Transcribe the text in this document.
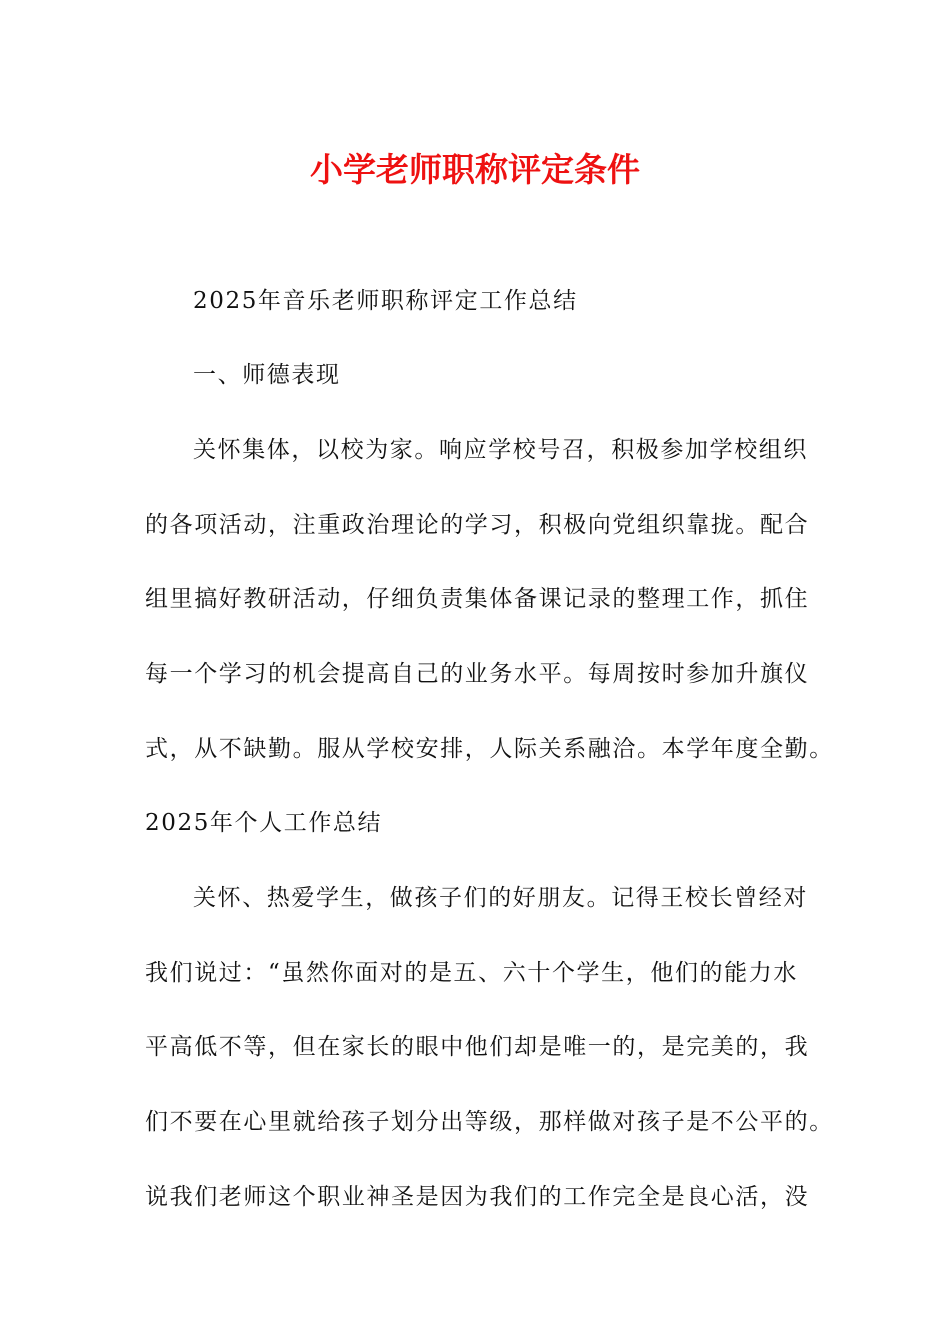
小学老师职称评定条件
2025年音乐老师职称评定工作总结
一、师德表现
关怀集体，以校为家。响应学校号召，积极参加学校组织
的各项活动，注重政治理论的学习，积极向党组织靠拢。配合
组里搞好教研活动，仔细负责集体备课记录的整理工作，抓住
每一个学习的机会提高自己的业务水平。每周按时参加升旗仪
式，从不缺勤。服从学校安排，人际关系融洽。本学年度全勤。
2025年个人工作总结
关怀、热爱学生，做孩子们的好朋友。记得王校长曾经对
我们说过：“虽然你面对的是五、六十个学生，他们的能力水
平高低不等，但在家长的眼中他们却是唯一的，是完美的，我
们不要在心里就给孩子划分出等级，那样做对孩子是不公平的。
说我们老师这个职业神圣是因为我们的工作完全是良心活，没
